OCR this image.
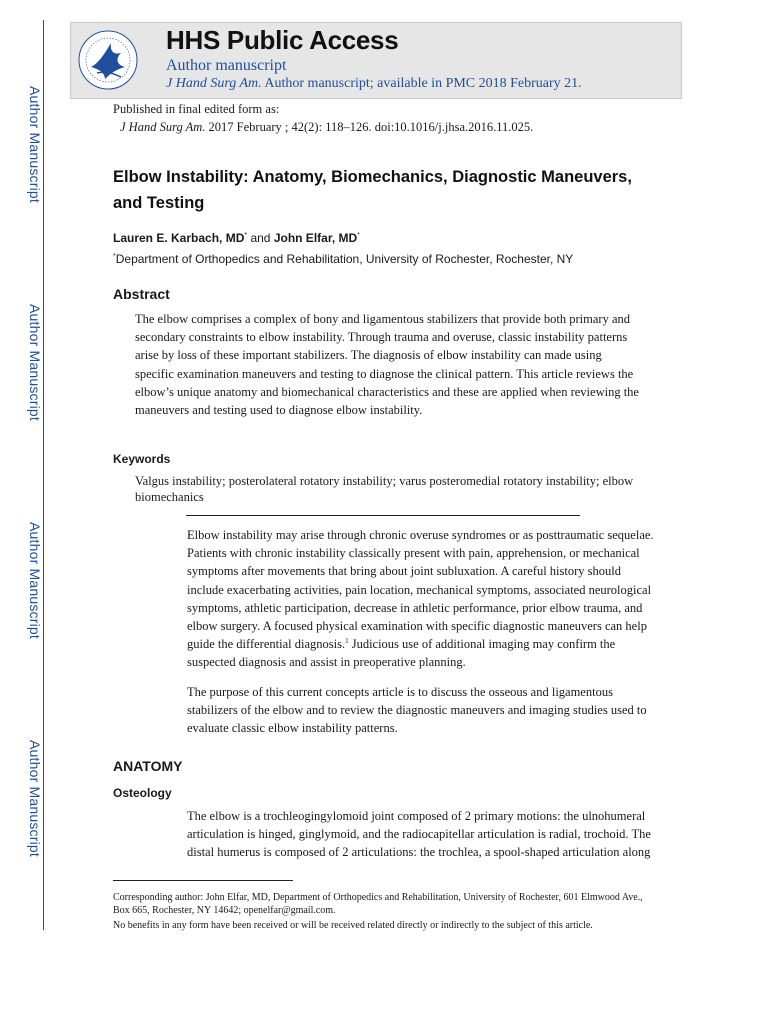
Author Manuscript
Author Manuscript
Author Manuscript
Author Manuscript
HHS Public Access
Author manuscript
J Hand Surg Am. Author manuscript; available in PMC 2018 February 21.
Published in final edited form as:
J Hand Surg Am. 2017 February ; 42(2): 118–126. doi:10.1016/j.jhsa.2016.11.025.
Elbow Instability: Anatomy, Biomechanics, Diagnostic Maneuvers, and Testing
Lauren E. Karbach, MD* and John Elfar, MD*
*Department of Orthopedics and Rehabilitation, University of Rochester, Rochester, NY
Abstract
The elbow comprises a complex of bony and ligamentous stabilizers that provide both primary and secondary constraints to elbow instability. Through trauma and overuse, classic instability patterns arise by loss of these important stabilizers. The diagnosis of elbow instability can made using specific examination maneuvers and testing to diagnose the clinical pattern. This article reviews the elbow’s unique anatomy and biomechanical characteristics and these are applied when reviewing the maneuvers and testing used to diagnose elbow instability.
Keywords
Valgus instability; posterolateral rotatory instability; varus posteromedial rotatory instability; elbow biomechanics
Elbow instability may arise through chronic overuse syndromes or as posttraumatic sequelae. Patients with chronic instability classically present with pain, apprehension, or mechanical symptoms after movements that bring about joint subluxation. A careful history should include exacerbating activities, pain location, mechanical symptoms, associated neurological symptoms, athletic participation, decrease in athletic performance, prior elbow trauma, and elbow surgery. A focused physical examination with specific diagnostic maneuvers can help guide the differential diagnosis.$^1$ Judicious use of additional imaging may confirm the suspected diagnosis and assist in preoperative planning.
The purpose of this current concepts article is to discuss the osseous and ligamentous stabilizers of the elbow and to review the diagnostic maneuvers and imaging studies used to evaluate classic elbow instability patterns.
ANATOMY
Osteology
The elbow is a trochleogingylomoid joint composed of 2 primary motions: the ulnohumeral articulation is hinged, ginglymoid, and the radiocapitellar articulation is radial, trochoid. The distal humerus is composed of 2 articulations: the trochlea, a spool-shaped articulation along

Corresponding author: John Elfar, MD, Department of Orthopedics and Rehabilitation, University of Rochester, 601 Elmwood Ave., Box 665, Rochester, NY 14642; openelfar@gmail.com.

No benefits in any form have been received or will be received related directly or indirectly to the subject of this article.
